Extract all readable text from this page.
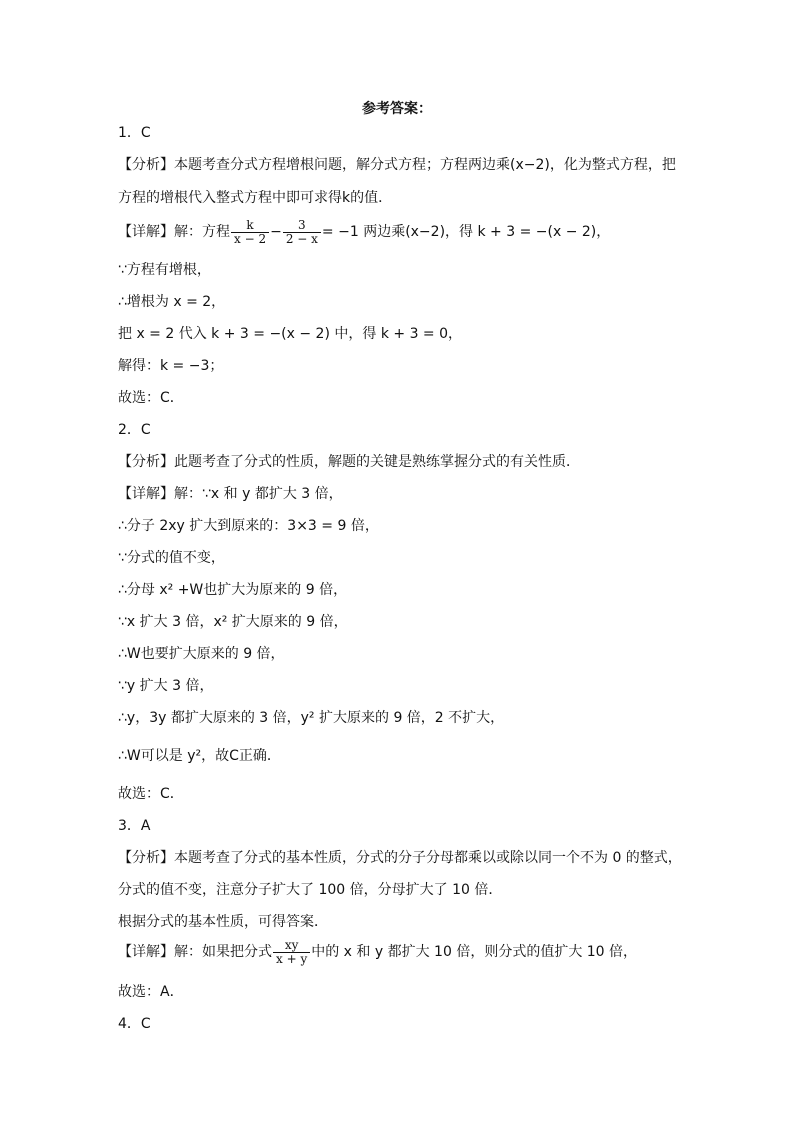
参考答案：
1．C
【分析】本题考查分式方程增根问题，解分式方程；方程两边乘(x−2)，化为整式方程，把
方程的增根代入整式方程中即可求得k的值．
【详解】解：方程 $\frac{k}{x - 2} - \frac{3}{2 - x} = -1$ 两边乘(x−2)，得 k + 3 = −(x − 2)，
∵方程有增根，
∴增根为 x = 2，
把 x = 2 代入 k + 3 = −(x − 2) 中，得 k + 3 = 0，
解得：k = −3；
故选：C．
2．C
【分析】此题考查了分式的性质，解题的关键是熟练掌握分式的有关性质．
【详解】解：∵x 和 y 都扩大 3 倍，
∴分子 2xy 扩大到原来的：3×3 = 9 倍，
∵分式的值不变，
∴分母 x² +W也扩大为原来的 9 倍，
∵x 扩大 3 倍，x² 扩大原来的 9 倍，
∴W也要扩大原来的 9 倍，
∵y 扩大 3 倍，
∴y，3y 都扩大原来的 3 倍，y² 扩大原来的 9 倍，2 不扩大，
∴W可以是 y²，故C正确．
故选：C．
3．A
【分析】本题考查了分式的基本性质，分式的分子分母都乘以或除以同一个不为 0 的整式，
分式的值不变，注意分子扩大了 100 倍，分母扩大了 10 倍．
根据分式的基本性质，可得答案．
【详解】解：如果把分式 $\frac{xy}{x + y}$ 中的 x 和 y 都扩大 10 倍，则分式的值扩大 10 倍，
故选：A．
4．C
